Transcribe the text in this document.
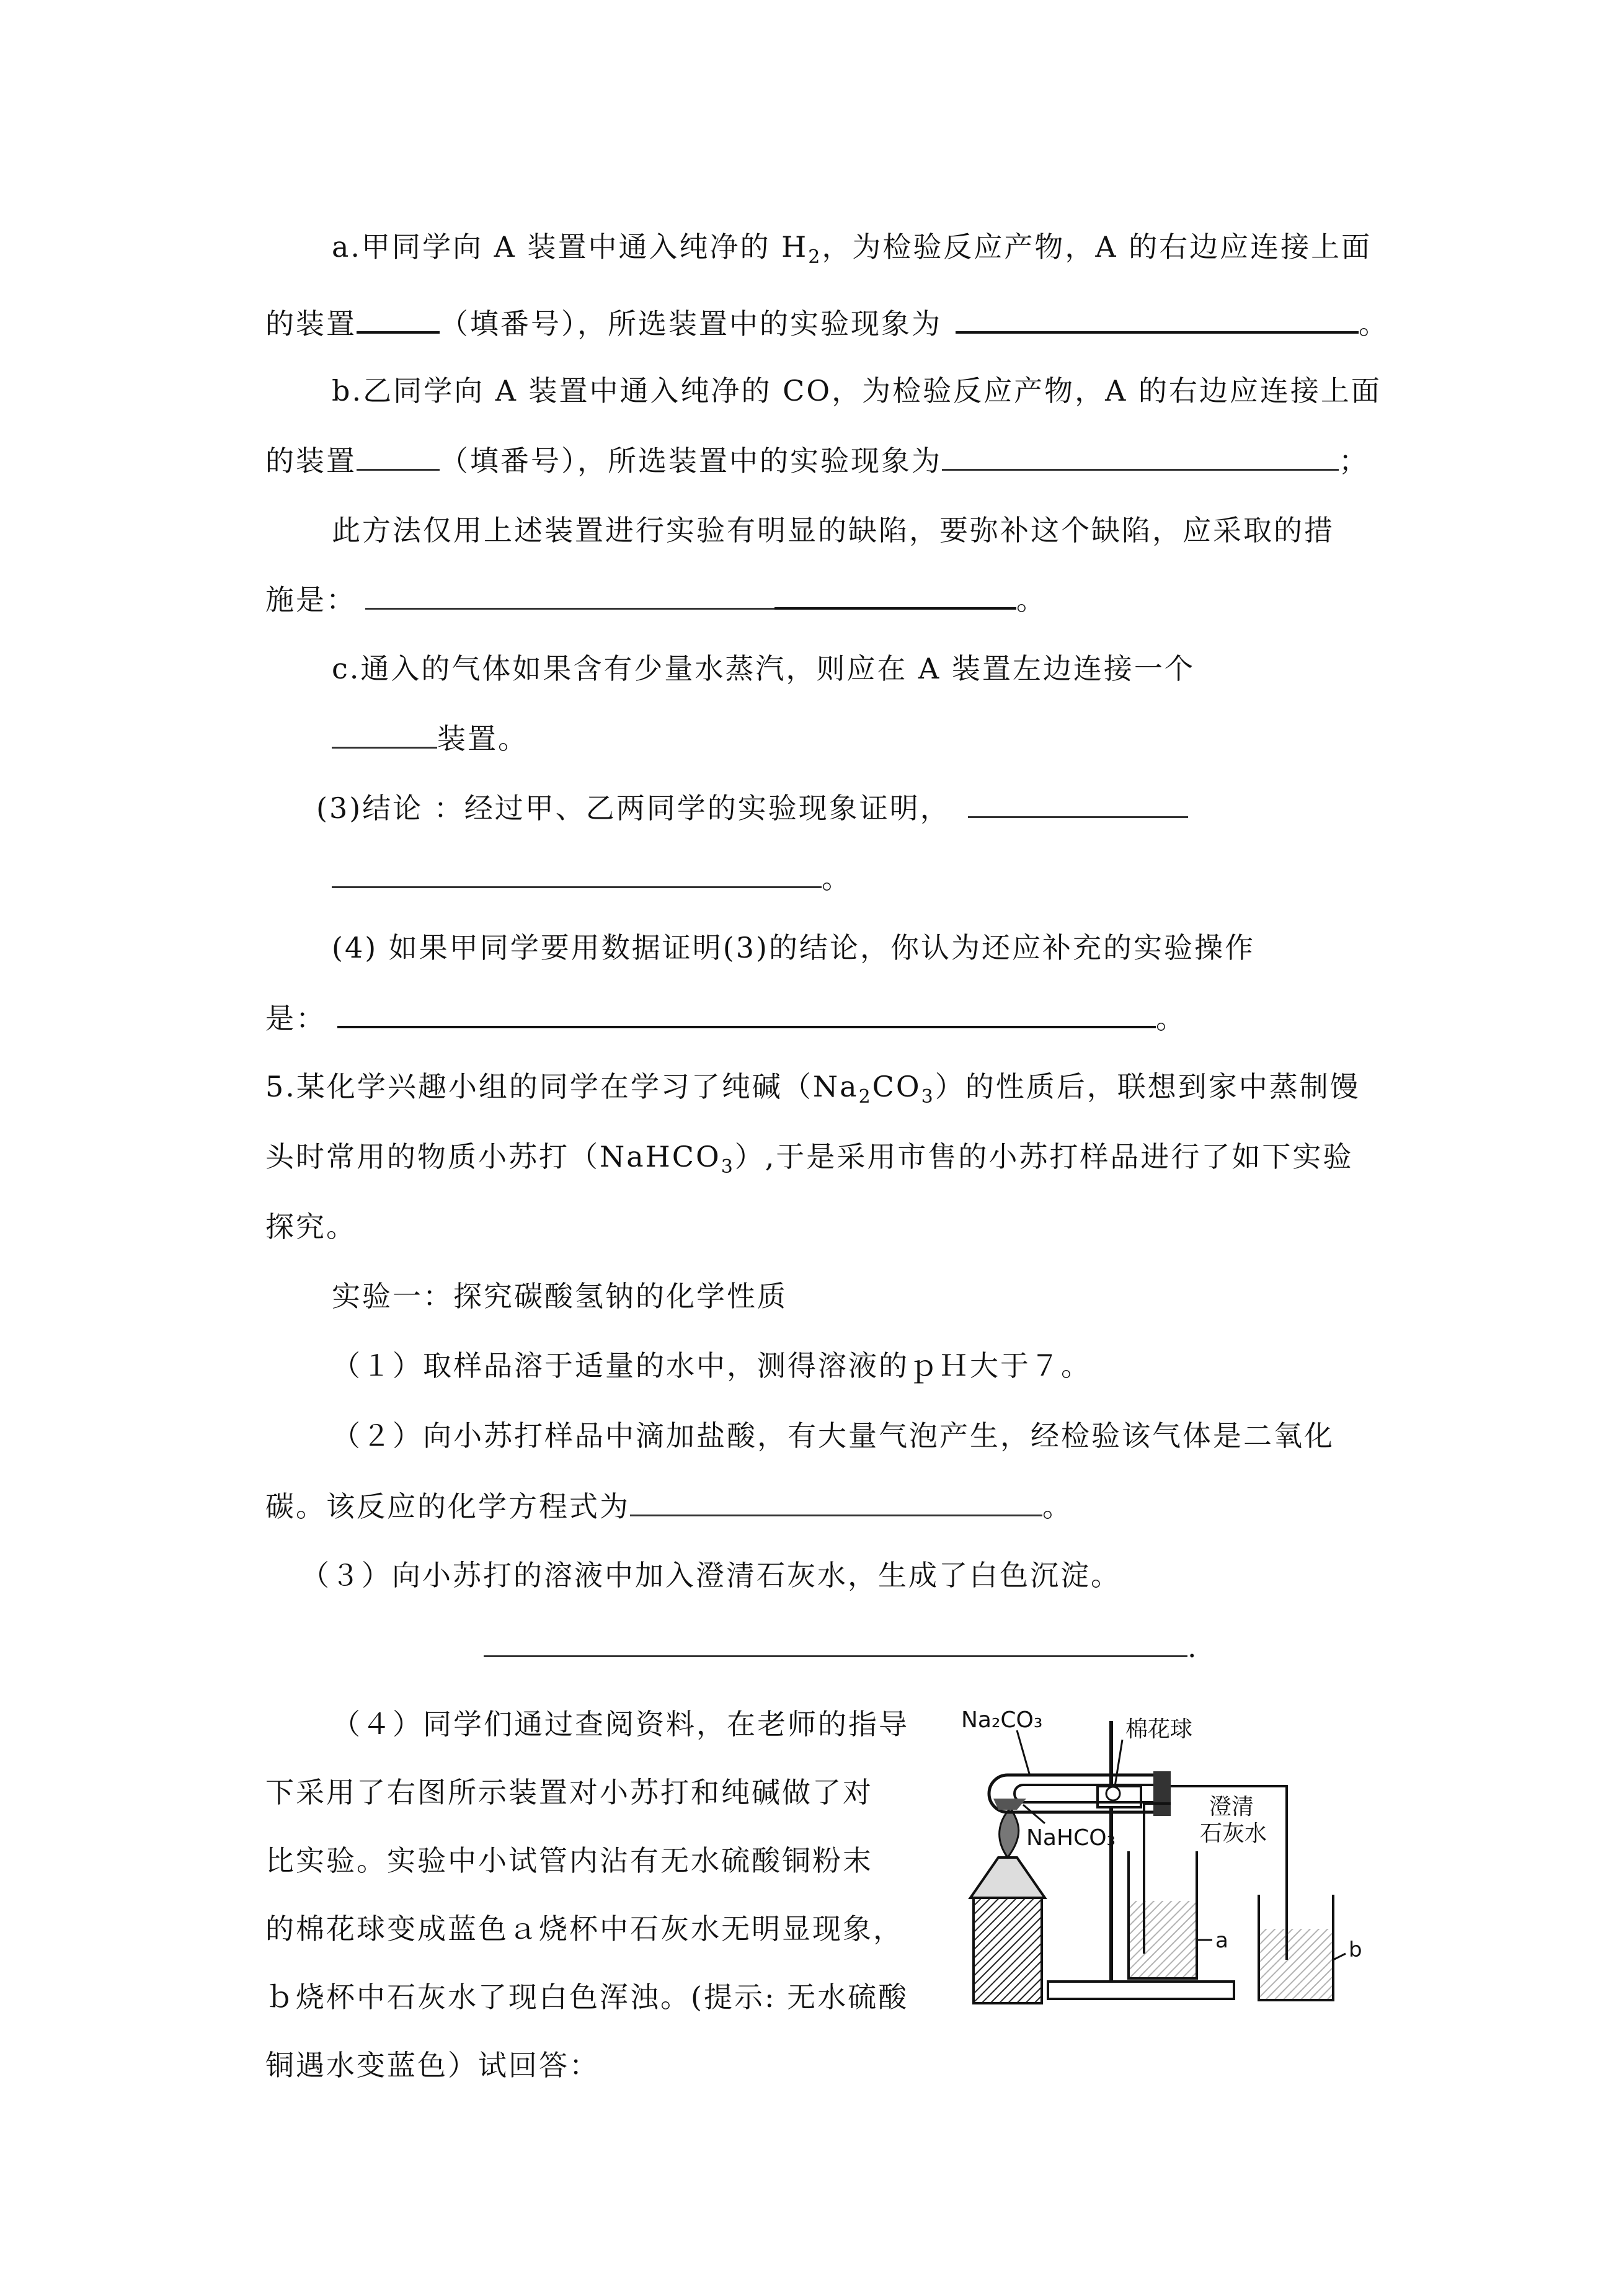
a.甲同学向 A 装置中通入纯净的 $H_2$，为检验反应产物，A 的右边应连接上面
的装置	（填番号），所选装置中的实验现象为	。
b.乙同学向 A 装置中通入纯净的 CO，为检验反应产物，A 的右边应连接上面
的装置	（填番号），所选装置中的实验现象为	；
此方法仅用上述装置进行实验有明显的缺陷，要弥补这个缺陷，应采取的措
施是：	。
c.通入的气体如果含有少量水蒸汽，则应在 A 装置左边连接一个
装置。
(3)结论 ：经过甲、乙两同学的实验现象证明，
。
(4) 如果甲同学要用数据证明(3)的结论，你认为还应补充的实验操作
是：	。
5.某化学兴趣小组的同学在学习了纯碱$(Na_2CO_3)$的性质后，联想到家中蒸制馒
头时常用的物质小苏打（NaHCO$_3$）,于是采用市售的小苏打样品进行了如下实验
探究。
实验一：探究碳酸氢钠的化学性质
（１）取样品溶于适量的水中，测得溶液的ｐＨ大于７。
（２）向小苏打样品中滴加盐酸，有大量气泡产生，经检验该气体是二氧化
碳。该反应的化学方程式为	。
（３）向小苏打的溶液中加入澄清石灰水，生成了白色沉淀。
.
（４）同学们通过查阅资料，在老师的指导
下采用了右图所示装置对小苏打和纯碱做了对
比实验。实验中小试管内沾有无水硫酸铜粉末
的棉花球变成蓝色ａ烧杯中石灰水无明显现象，
ｂ烧杯中石灰水了现白色浑浊。(提示: 无水硫酸
铜遇水变蓝色）试回答：
Na₂CO₃	棉花球
NaHCO₃
澄清
石灰水
a	b
